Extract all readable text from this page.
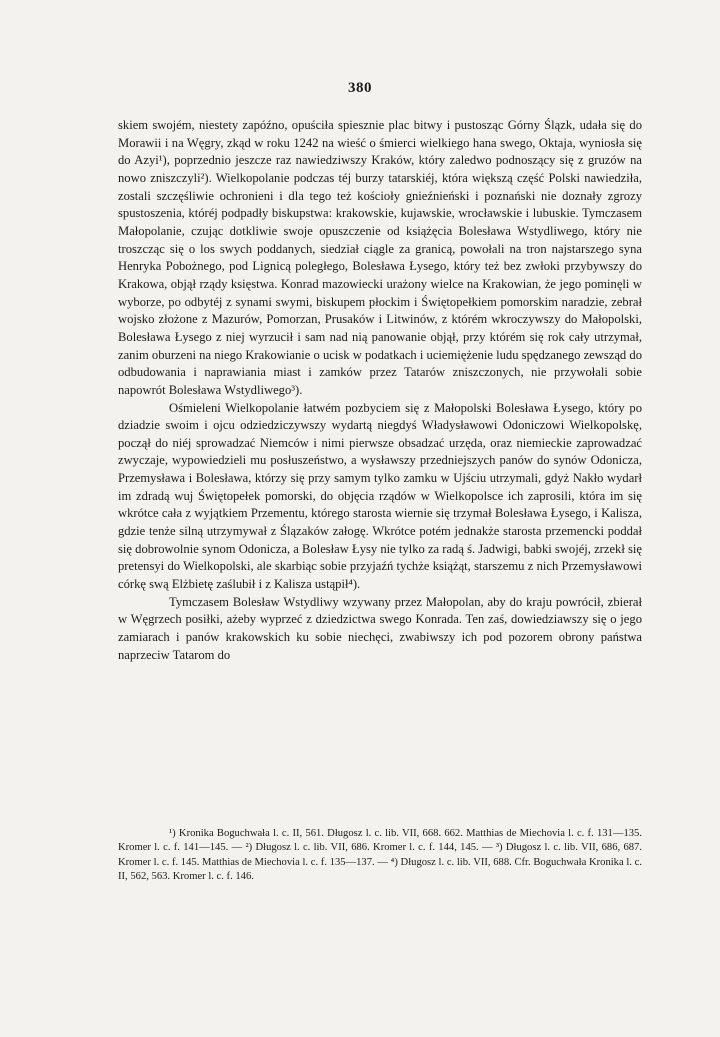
380

skiem swojém, niestety zapóźno, opuściła spiesznie plac bitwy i pustosząc Górny Ślązk, udała się do Morawii i na Węgry, zkąd w roku 1242 na wieść o śmierci wielkiego hana swego, Oktaja, wyniosła się do Azyi¹), poprzednio jeszcze raz nawiedziwszy Kraków, który zaledwo podnoszący się z gruzów na nowo zniszczyli²). Wielkopolanie podczas téj burzy tatarskiéj, która większą część Polski nawiedziła, zostali szczęśliwie ochronieni i dla tego też kościoły gnieźnieński i poznański nie doznały zgrozy spustoszenia, któréj podpadły biskupstwa: krakowskie, kujawskie, wrocławskie i lubuskie. Tymczasem Małopolanie, czując dotkliwie swoje opuszczenie od książęcia Bolesława Wstydliwego, który nie troszcząc się o los swych poddanych, siedział ciągle za granicą, powołali na tron najstarszego syna Henryka Pobożnego, pod Lignicą poległego, Bolesława Łysego, który też bez zwłoki przybywszy do Krakowa, objął rządy księstwa. Konrad mazowiecki urażony wielce na Krakowian, że jego pominęli w wyborze, po odbytéj z synami swymi, biskupem płockim i Świętopełkiem pomorskim naradzie, zebrał wojsko złożone z Mazurów, Pomorzan, Prusaków i Litwinów, z którém wkroczywszy do Małopolski, Bolesława Łysego z niej wyrzucił i sam nad nią panowanie objął, przy którém się rok cały utrzymał, zanim oburzeni na niego Krakowianie o ucisk w podatkach i uciemiężenie ludu spędzanego zewsząd do odbudowania i naprawiania miast i zamków przez Tatarów zniszczonych, nie przywołali sobie napowrót Bolesława Wstydliwego³).

Ośmieleni Wielkopolanie łatwém pozbyciem się z Małopolski Bolesława Łysego, który po dziadzie swoim i ojcu odziedziczywszy wydartą niegdyś Władysławowi Odoniczowi Wielkopolskę, począł do niéj sprowadzać Niemców i nimi pierwsze obsadzać urzęda, oraz niemieckie zaprowadzać zwyczaje, wypowiedzieli mu posłuszeństwo, a wysławszy przedniejszych panów do synów Odonicza, Przemysława i Bolesława, którzy się przy samym tylko zamku w Ujściu utrzymali, gdyż Nakło wydarł im zdradą wuj Świętopełek pomorski, do objęcia rządów w Wielkopolsce ich zaprosili, która im się wkrótce cała z wyjątkiem Przementu, którego starosta wiernie się trzymał Bolesława Łysego, i Kalisza, gdzie tenże silną utrzymywał z Ślązaków załogę. Wkrótce potém jednakże starosta przemencki poddał się dobrowolnie synom Odonicza, a Bolesław Łysy nie tylko za radą ś. Jadwigi, babki swojéj, zrzekł się pretensyi do Wielkopolski, ale skarbiąc sobie przyjaźń tychże książąt, starszemu z nich Przemysławowi córkę swą Elżbietę zaślubił i z Kalisza ustąpił⁴).

Tymczasem Bolesław Wstydliwy wzywany przez Małopolan, aby do kraju powrócił, zbierał w Węgrzech posiłki, ażeby wyprzeć z dziedzictwa swego Konrada. Ten zaś, dowiedziawszy się o jego zamiarach i panów krakowskich ku sobie niechęci, zwabiwszy ich pod pozorem obrony państwa naprzeciw Tatarom do

¹) Kronika Boguchwała l. c. II, 561. Długosz l. c. lib. VII, 668. 662. Matthias de Miechovia l. c. f. 131—135. Kromer l. c. f. 141—145. — ²) Długosz l. c. lib. VII, 686. Kromer l. c. f. 144, 145. — ³) Długosz l. c. lib. VII, 686, 687. Kromer l. c. f. 145. Matthias de Miechovia l. c. f. 135—137. — ⁴) Długosz l. c. lib. VII, 688. Cfr. Boguchwała Kronika l. c. II, 562, 563. Kromer l. c. f. 146.
